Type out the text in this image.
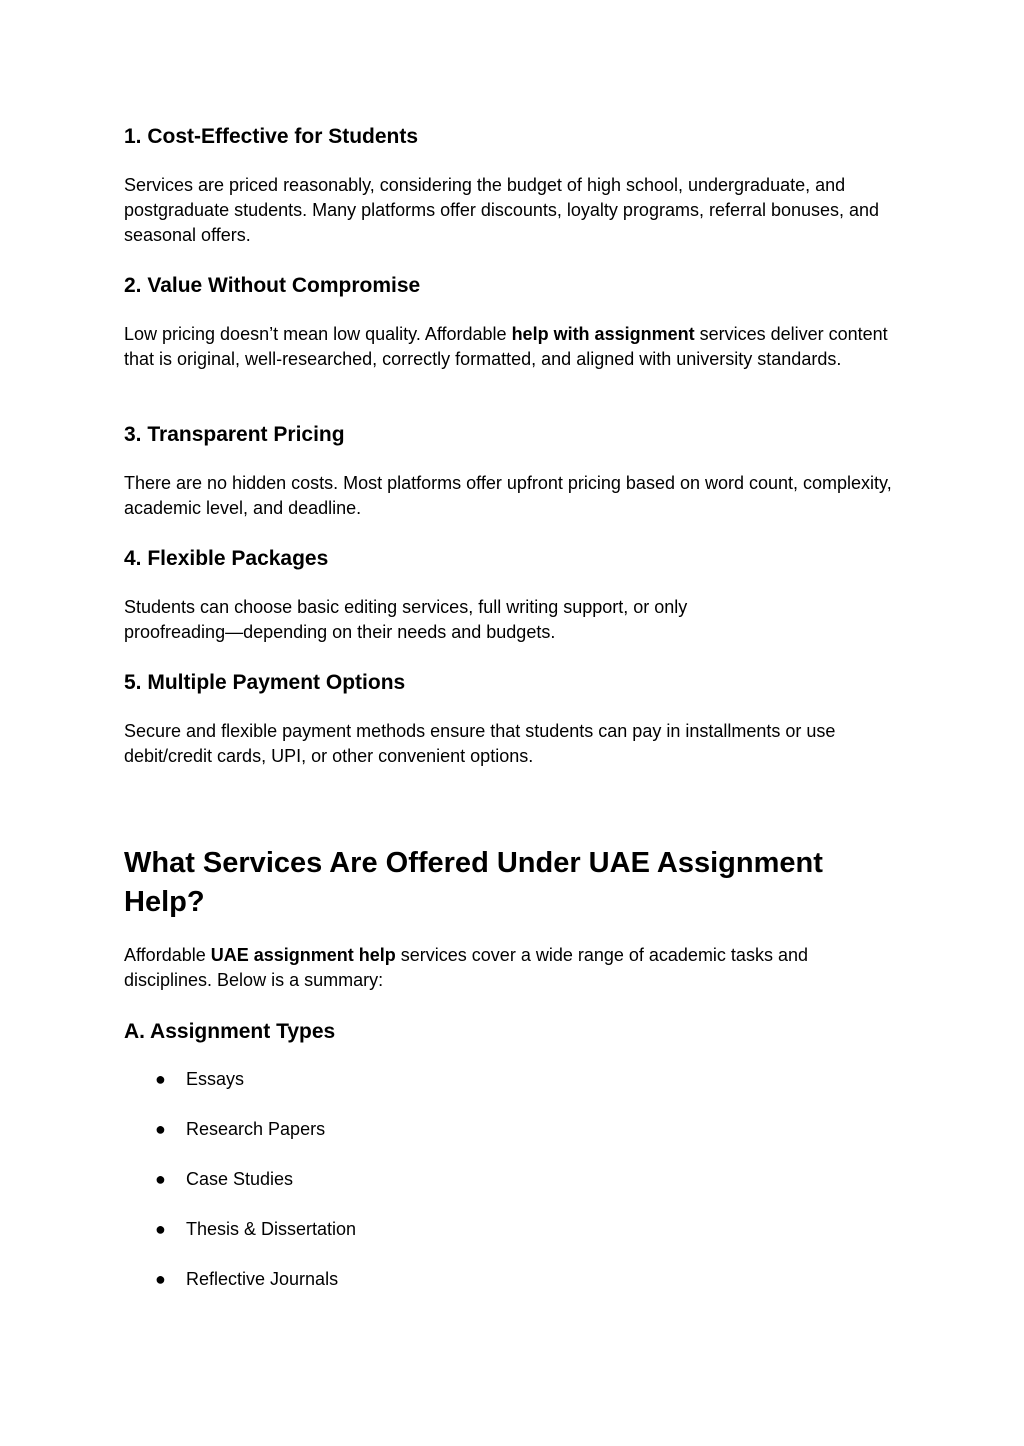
1. Cost-Effective for Students

Services are priced reasonably, considering the budget of high school, undergraduate, and postgraduate students. Many platforms offer discounts, loyalty programs, referral bonuses, and seasonal offers.

2. Value Without Compromise

Low pricing doesn’t mean low quality. Affordable help with assignment services deliver content that is original, well-researched, correctly formatted, and aligned with university standards.

3. Transparent Pricing

There are no hidden costs. Most platforms offer upfront pricing based on word count, complexity, academic level, and deadline.

4. Flexible Packages

Students can choose basic editing services, full writing support, or only proofreading—depending on their needs and budgets.

5. Multiple Payment Options

Secure and flexible payment methods ensure that students can pay in installments or use debit/credit cards, UPI, or other convenient options.

What Services Are Offered Under UAE Assignment Help?

Affordable UAE assignment help services cover a wide range of academic tasks and disciplines. Below is a summary:

A. Assignment Types
● Essays
● Research Papers
● Case Studies
● Thesis & Dissertation
● Reflective Journals
